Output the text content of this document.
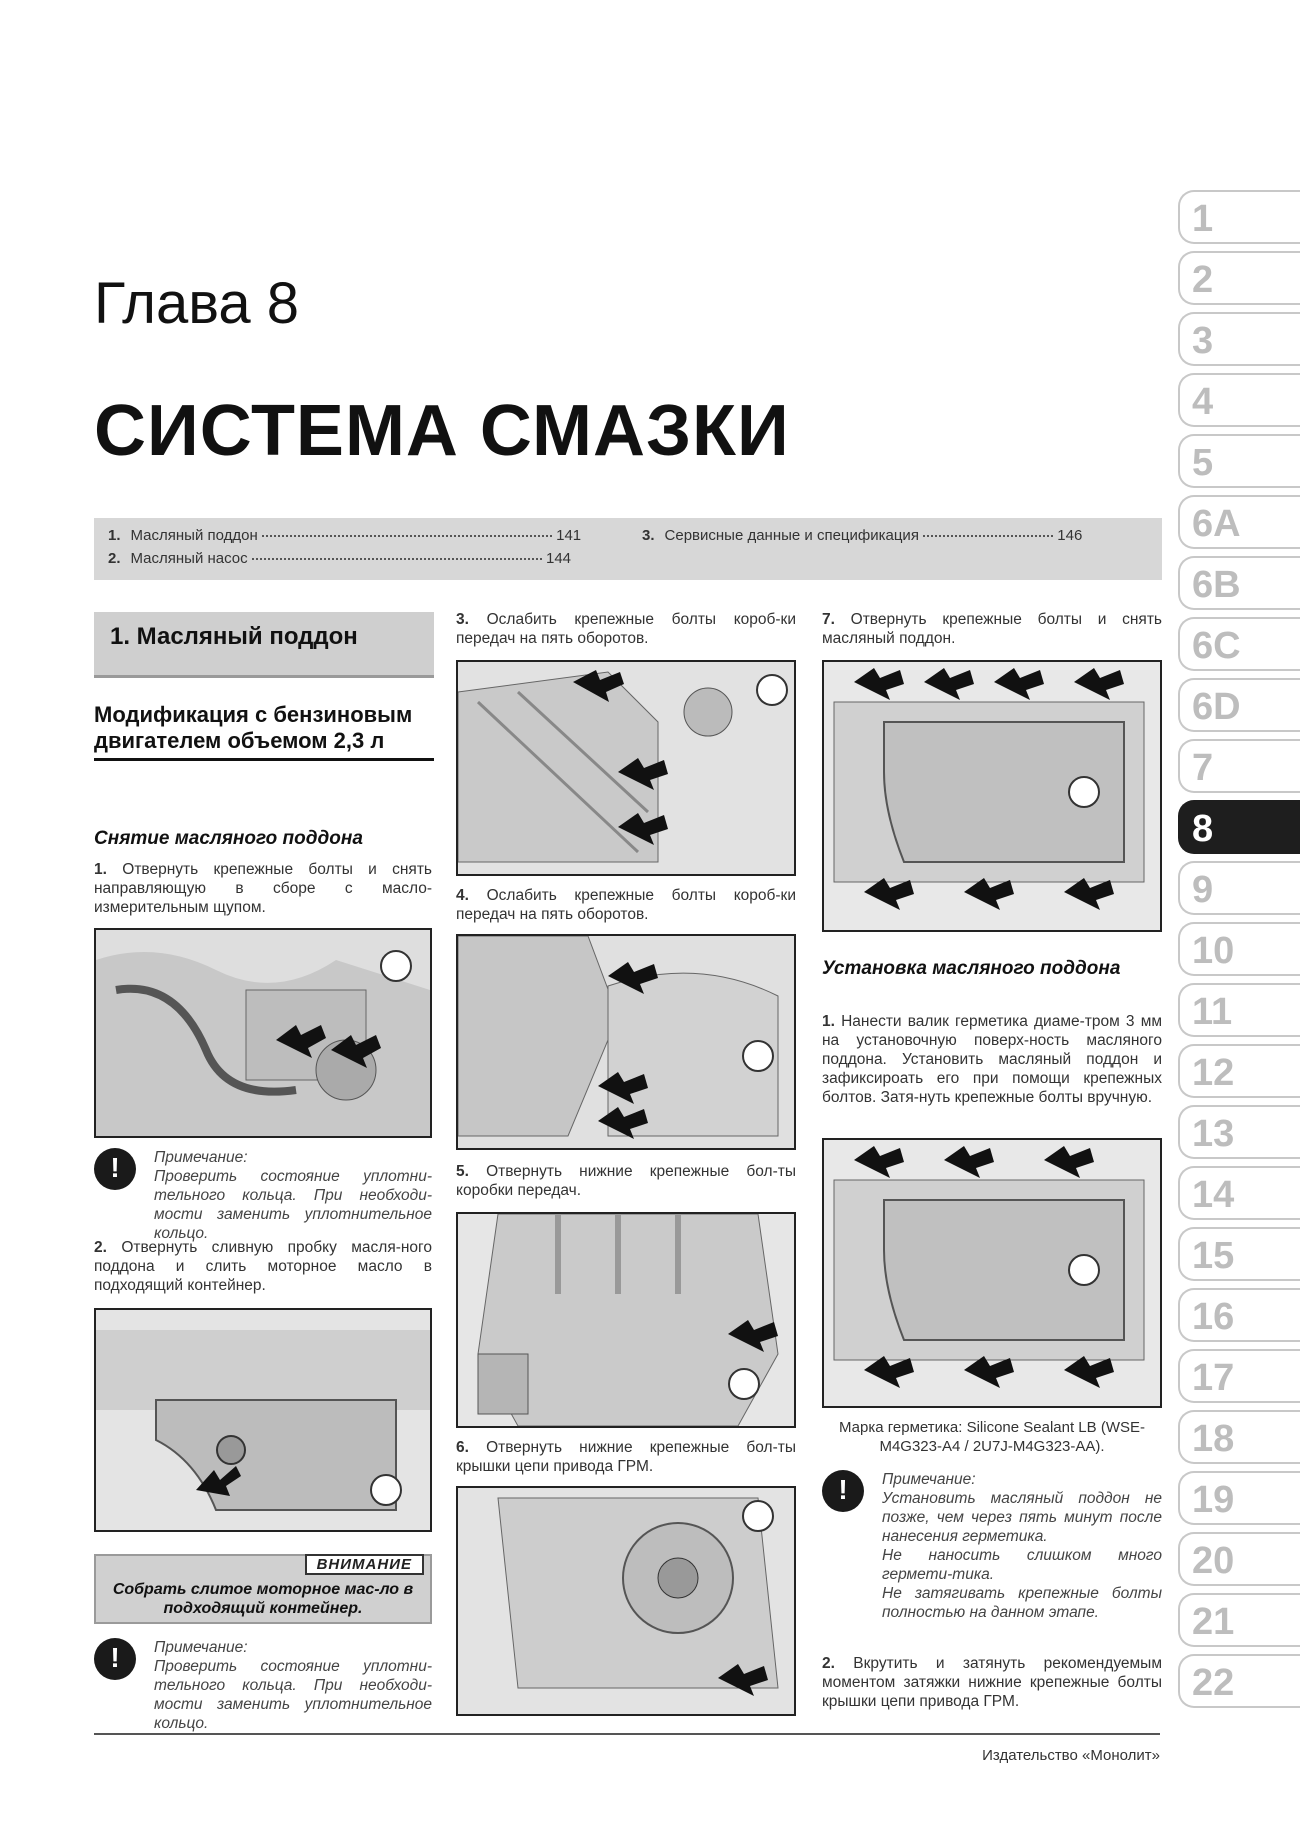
1
2
3
4
5
6A
6B
6C
6D
7
8
9
10
11
12
13
14
15
16
17
18
19
20
21
22
Глава 8
СИСТЕМА СМАЗКИ
1. Масляный поддон	141
2. Масляный насос	144
3. Сервисные данные и спецификация	146
1. Масляный поддон
Модификация с бензиновым двигателем объемом 2,3 л
Снятие масляного поддона
1. Отвернуть крепежные болты и снять направляющую в сборе с масло-измерительным щупом.
!
Примечание:
Проверить состояние уплотни-тельного кольца. При необходи-мости заменить уплотнительное кольцо.
2. Отвернуть сливную пробку масля-ного поддона и слить моторное масло в подходящий контейнер.
ВНИМАНИЕ
Собрать слитое моторное мас-ло в подходящий контейнер.
!
Примечание:
Проверить состояние уплотни-тельного кольца. При необходи-мости заменить уплотнительное кольцо.
3. Ослабить крепежные болты короб-ки передач на пять оборотов.
4. Ослабить крепежные болты короб-ки передач на пять оборотов.
5. Отвернуть нижние крепежные бол-ты коробки передач.
6. Отвернуть нижние крепежные бол-ты крышки цепи привода ГРМ.
7. Отвернуть крепежные болты и снять масляный поддон.
Установка масляного поддона
1. Нанести валик герметика диаме-тром 3 мм на установочную поверх-ность масляного поддона. Установить масляный поддон и зафиксироать его при помощи крепежных болтов. Затя-нуть крепежные болты вручную.
Марка герметика: Silicone Sealant LB (WSE-M4G323-A4 / 2U7J-M4G323-AA).
!
Примечание:
Установить масляный поддон не позже, чем через пять минут после нанесения герметика.
Не наносить слишком много гермети-тика.
Не затягивать крепежные болты полностью на данном этапе.
2. Вкрутить и затянуть рекомендуемым моментом затяжки нижние крепежные болты крышки цепи привода ГРМ.
Издательство «Монолит»
